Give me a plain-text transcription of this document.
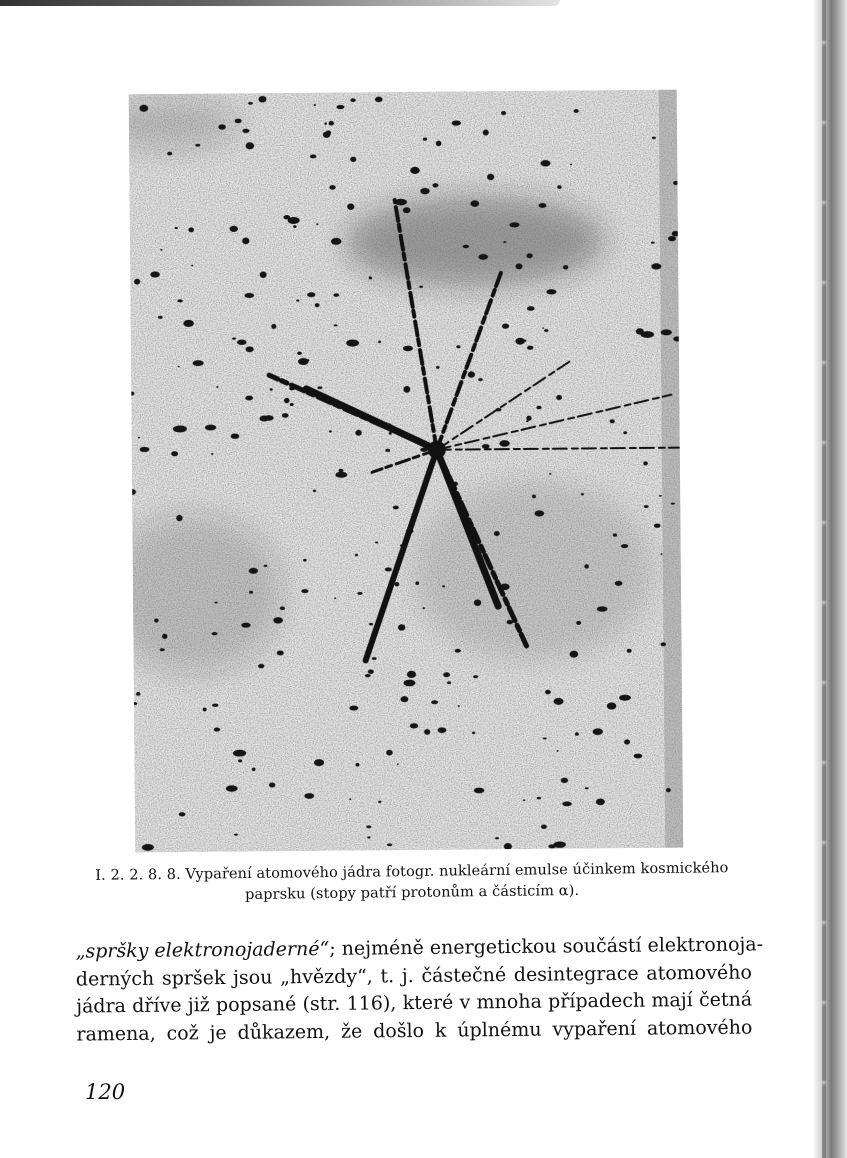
I. 2. 2. 8. 8. Vypaření atomového jádra fotogr. nukleární emulse účinkem kosmického
paprsku (stopy patří protonům a částicím α).
„spršky elektronojaderné“; nejméně energetickou součástí elektronoja-
derných spršek jsou „hvězdy“, t. j. částečné desintegrace atomového
jádra dříve již popsané (str. 116), které v mnoha případech mají četná
ramena, což je důkazem, že došlo k úplnému vypaření atomového
120
